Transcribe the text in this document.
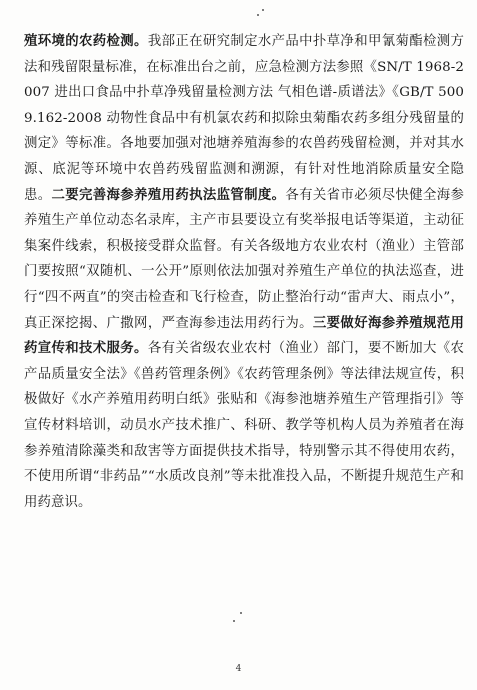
殖环境的农药检测。我部正在研究制定水产品中扑草净和甲氰菊酯检测方法和残留限量标准，在标准出台之前，应急检测方法参照《SN/T 1968-2007 进出口食品中扑草净残留量检测方法 气相色谱-质谱法》《GB/T 5009.162-2008 动物性食品中有机氯农药和拟除虫菊酯农药多组分残留量的测定》等标准。各地要加强对池塘养殖海参的农兽药残留检测，并对其水源、底泥等环境中农兽药残留监测和溯源，有针对性地消除质量安全隐患。二要完善海参养殖用药执法监管制度。各有关省市必须尽快健全海参养殖生产单位动态名录库，主产市县要设立有奖举报电话等渠道，主动征集案件线索，积极接受群众监督。有关各级地方农业农村（渔业）主管部门要按照“双随机、一公开”原则依法加强对养殖生产单位的执法巡查，进行“四不两直”的突击检查和飞行检查，防止整治行动“雷声大、雨点小”，真正深挖揭、广撒网，严查海参违法用药行为。三要做好海参养殖规范用药宣传和技术服务。各有关省级农业农村（渔业）部门，要不断加大《农产品质量安全法》《兽药管理条例》《农药管理条例》等法律法规宣传，积极做好《水产养殖用药明白纸》张贴和《海参池塘养殖生产管理指引》等宣传材料培训，动员水产技术推广、科研、教学等机构人员为养殖者在海参养殖清除藻类和敌害等方面提供技术指导，特别警示其不得使用农药，不使用所谓“非药品”“水质改良剂”等未批准投入品，不断提升规范生产和用药意识。

4
